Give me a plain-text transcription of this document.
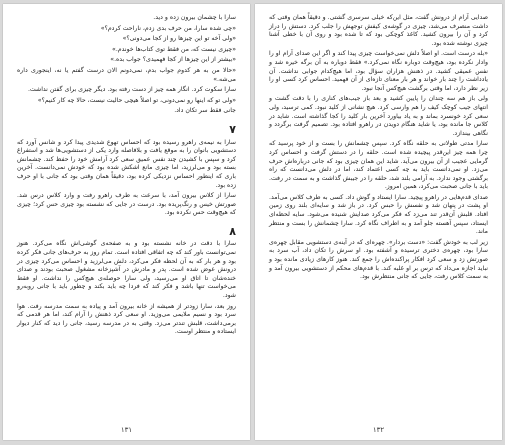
سارا با چشمان بیرون زده و دید.

«چی شده سارا، من حرف بدی زدم، ناراحت کردم؟»

«ولی آخه تو این چیزها رو از کجا می‌دونی؟»

«چیزی نیست که، من فقط توی کتاب‌ها خوندم.»

«بیشتر از این چیزها از کجا فهمیدی؟ جواب بده.»

«حالا من به هر کدوم جواب بدم، نمی‌دونم الان درست گفتم یا نه، اینجوری داره می‌شه.»

سارا سکوت کرد. انگار همه چیز از دست رفته بود. دیگر چیزی برای گفتن نداشت.

«ولی تو که اینها رو نمی‌دونی، تو اصلاً هیچی حالیت نیست، حالا چه کار کنیم؟»

جانی فقط سر تکان داد.

۷

سارا به نیمه‌ی راهرو رسیده بود که احساس تهوع شدیدی پیدا کرد و شانس آورد که دستشویی بانوان را به موقع یافت و بلافاصله وارد یکی از دستشویی‌ها شد و استفراغ کرد و سپس با کشیدن چند نفس عمیق سعی کرد آرامش خود را حفظ کند. چشمانش بسته بود و می‌لرزید، اما چیزی مانع اشکش شده بود که خودش نمی‌دانست. آخرین باری که اینطور احساس نزدیکی کرده بود، دقیقاً همان وقتی بود که جانی با او حرف زده بود.

سارا از کلاس بیرون آمد، با سرعت به طرف راهرو رفت و وارد کلاس درس شد. صورتش خیس و رنگ‌پریده بود. درست در جایی که نشسته بود چیزی حس کرد؛ چیزی که هیچ‌وقت حس نکرده بود.

۸

سارا با دقت در خانه نشسته بود و به صفحه‌ی گوشی‌اش نگاه می‌کرد. هنوز نمی‌توانست باور کند که چه اتفاقی افتاده است. تمام روز به حرف‌های جانی فکر کرده بود و هر بار که به آن لحظه فکر می‌کرد، دلش می‌لرزید و احساس می‌کرد چیزی در درونش عوض شده است. پدر و مادرش در آشپزخانه مشغول صحبت بودند و صدای خنده‌شان تا اتاق او می‌رسید، ولی سارا حوصله‌ی هیچ‌کس را نداشت. او فقط می‌خواست تنها باشد و فکر کند که فردا چه باید بکند و چطور باید با جانی روبه‌رو شود.

روز بعد، سارا زودتر از همیشه از خانه بیرون آمد و پیاده به سمت مدرسه رفت. هوا سرد بود و نسیم ملایمی می‌وزید. او سعی کرد ذهنش را آرام کند، اما هر قدمی که برمی‌داشت، قلبش تندتر می‌زد. وقتی به در مدرسه رسید، جانی را دید که کنار دیوار ایستاده و منتظر اوست.

۱۳۱

صدایی آرام از درونش گفت، مثل این‌که خیلی سرسری گشتی. و دقیقاً همان وقتی که داشت منصرف می‌شد، چیزی در گوشه‌ی کیفش توجهش را جلب کرد. دستش را دراز کرد و آن را بیرون کشید. کاغذ کوچکی بود که تا شده بود و روی آن با خطی آشنا چیزی نوشته شده بود.

«بله درست است. او اصلاً دلش نمی‌خواست چیزی پیدا کند و اگر این صدای آرام او را وادار نکرده بود، هیچ‌وقت دوباره نگاه نمی‌کرد.» فقط دوباره به آن برگه خیره شد و نفس عمیقی کشید. در ذهنش هزاران سؤال بود، اما هیچ‌کدام جوابی نداشت. آن یادداشت را چند بار خواند و هر بار معنای تازه‌ای از آن فهمید. احساس کرد کسی او را زیر نظر دارد، اما وقتی برگشت هیچ‌کس آنجا نبود.

ولی باز هم سه چندان را پایین کشید و بعد باز جیب‌های کناری را با دقت گشت و انتهای جیب کوچک کیف را هم وارسی کرد. هیچ نشانی از کلید نبود. کمی ترسید، ولی سعی کرد خونسرد بماند و به یاد بیاورد آخرین بار کلید را کجا گذاشته است. شاید در کلاس جا مانده بود، یا شاید هنگام دویدن در راهرو افتاده بود. تصمیم گرفت برگردد و نگاهی بیندازد.

سارا مدتی طولانی به حلقه نگاه کرد. سپس چشمانش را بست و از خود پرسید که چرا همه چیز این‌قدر پیچیده شده است. حلقه را در دستش گرفت و احساس کرد گرمایی عجیب از آن بیرون می‌آید. شاید این همان چیزی بود که جانی درباره‌اش حرف می‌زد. او نمی‌دانست باید به چه کسی اعتماد کند، اما در دلش می‌دانست که راه برگشتی وجود ندارد. به آرامی بلند شد، حلقه را در جیبش گذاشت و به سمت در رفت. باید با جانی صحبت می‌کرد، همین امروز.

صدای قدم‌هایی در راهرو پیچید. سارا ایستاد و گوش داد. کسی به طرف کلاس می‌آمد. او پشت در پنهان شد و نفسش را حبس کرد. در باز شد و سایه‌ای بلند روی زمین افتاد. قلبش آن‌قدر تند می‌زد که فکر می‌کرد صدایش شنیده می‌شود. سایه لحظه‌ای ایستاد، سپس آهسته جلو آمد و به اطراف نگاه کرد. سارا چشمانش را بست و منتظر ماند.

زیر لب به خودش گفت: «دست بردار». چهره‌ای که در آینه‌ی دستشویی مقابل چهره‌ی سارا بود، چهره‌ی دختری ترسیده و آشفته بود. او سرش را تکان داد، آب سرد به صورتش زد و سعی کرد افکار پراکنده‌اش را جمع کند. هنوز کارهای زیادی مانده بود و نباید اجازه می‌داد که ترس بر او غلبه کند. با قدم‌های محکم از دستشویی بیرون آمد و به سمت کلاس رفت، جایی که جانی منتظرش بود.

۱۳۲
